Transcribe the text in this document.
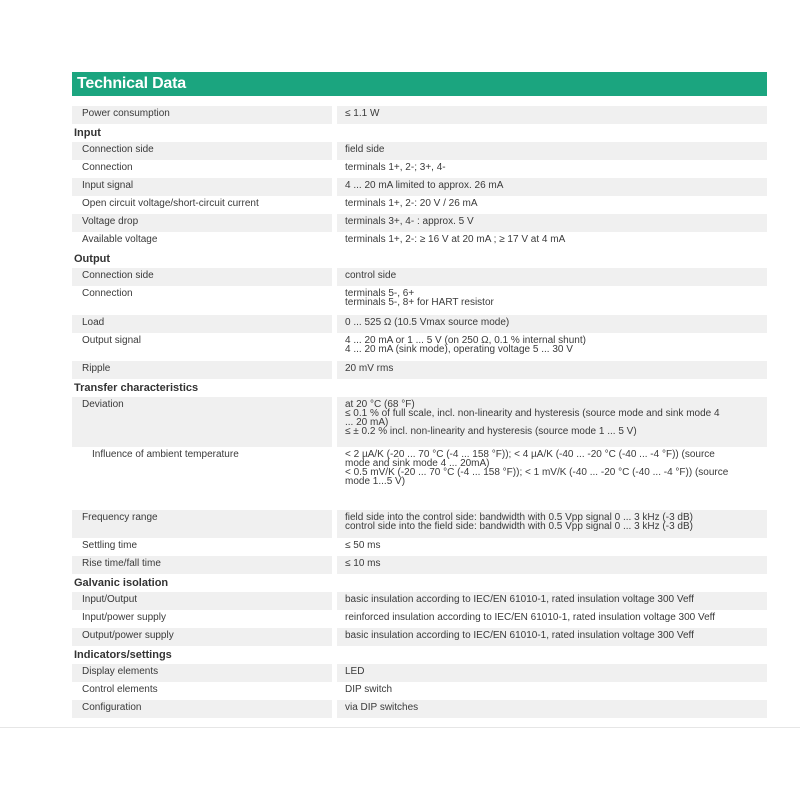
Technical Data
Power consumption	≤ 1.1 W
Input
Connection side	field side
Connection	terminals 1+, 2-; 3+, 4-
Input signal	4 ... 20 mA limited to approx. 26 mA
Open circuit voltage/short-circuit current	terminals 1+, 2-: 20 V / 26 mA
Voltage drop	terminals 3+, 4- : approx. 5 V
Available voltage	terminals 1+, 2-: ≥ 16 V at 20 mA ; ≥ 17 V at 4 mA
Output
Connection side	control side
Connection	terminals 5-, 6+
terminals 5-, 8+ for HART resistor
Load	0 ... 525 Ω (10.5 Vmax source mode)
Output signal	4 ... 20 mA or 1 ... 5 V (on 250 Ω, 0.1 % internal shunt)
4 ... 20 mA (sink mode), operating voltage 5 ... 30 V
Ripple	20 mV rms
Transfer characteristics
Deviation	at 20 °C (68 °F)
≤ 0.1 % of full scale, incl. non-linearity and hysteresis (source mode and sink mode 4
... 20 mA)
≤ ± 0.2 % incl. non-linearity and hysteresis (source mode 1 ... 5 V)
Influence of ambient temperature	< 2 µA/K (-20 ... 70 °C (-4 ... 158 °F)); < 4 µA/K (-40 ... -20 °C (-40 ... -4 °F)) (source
mode and sink mode 4 ... 20mA)
< 0.5 mV/K (-20 ... 70 °C (-4 ... 158 °F)); < 1 mV/K (-40 ... -20 °C (-40 ... -4 °F)) (source
mode 1...5 V)
Frequency range	field side into the control side: bandwidth with 0.5 Vpp signal 0 ... 3 kHz (-3 dB)
control side into the field side: bandwidth with 0.5 Vpp signal 0 ... 3 kHz (-3 dB)
Settling time	≤ 50 ms
Rise time/fall time	≤ 10 ms
Galvanic isolation
Input/Output	basic insulation according to IEC/EN 61010-1, rated insulation voltage 300 Veff
Input/power supply	reinforced insulation according to IEC/EN 61010-1, rated insulation voltage 300 Veff
Output/power supply	basic insulation according to IEC/EN 61010-1, rated insulation voltage 300 Veff
Indicators/settings
Display elements	LED
Control elements	DIP switch
Configuration	via DIP switches
